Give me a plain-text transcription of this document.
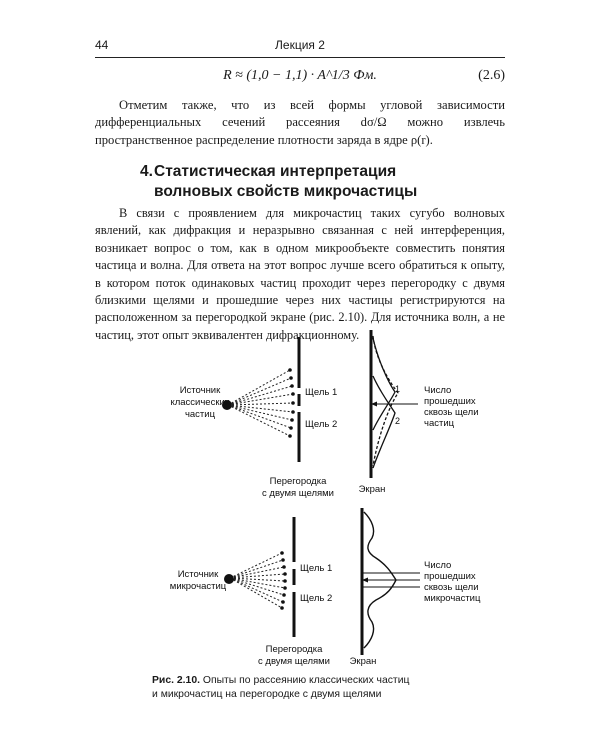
44	Лекция 2
R ≈ (1,0 − 1,1) · A^1/3 Фм.	(2.6)
Отметим также, что из всей формы угловой зависимости дифференциальных сечений рассеяния dσ/Ω можно извлечь пространственное распределение плотности заряда в ядре ρ(r).
4. Статистическая интерпретация
волновых свойств микрочастицы
В связи с проявлением для микрочастиц таких сугубо волновых явлений, как дифракция и неразрывно связанная с ней интерференция, возникает вопрос о том, как в одном микрообъекте совместить понятия частица и волна. Для ответа на этот вопрос лучше всего обратиться к опыту, в котором поток одинаковых частиц проходит через перегородку с двумя близкими щелями и прошедшие через них частицы регистрируются на расположенном за перегородкой экране (рис. 2.10). Для источника волн, а не частиц, этот опыт эквивалентен дифракционному.
Источник
классических
частиц
Щель 1
Щель 2
Перегородка
с двумя щелями	Экран
1
2
Число
прошедших
сквозь щели
частиц
Источник
микрочастиц
Щель 1
Щель 2
Перегородка
с двумя щелями Экран
Число
прошедших
сквозь щели
микрочастиц
Рис. 2.10. Опыты по рассеянию классических частиц
и микрочастиц на перегородке с двумя щелями
